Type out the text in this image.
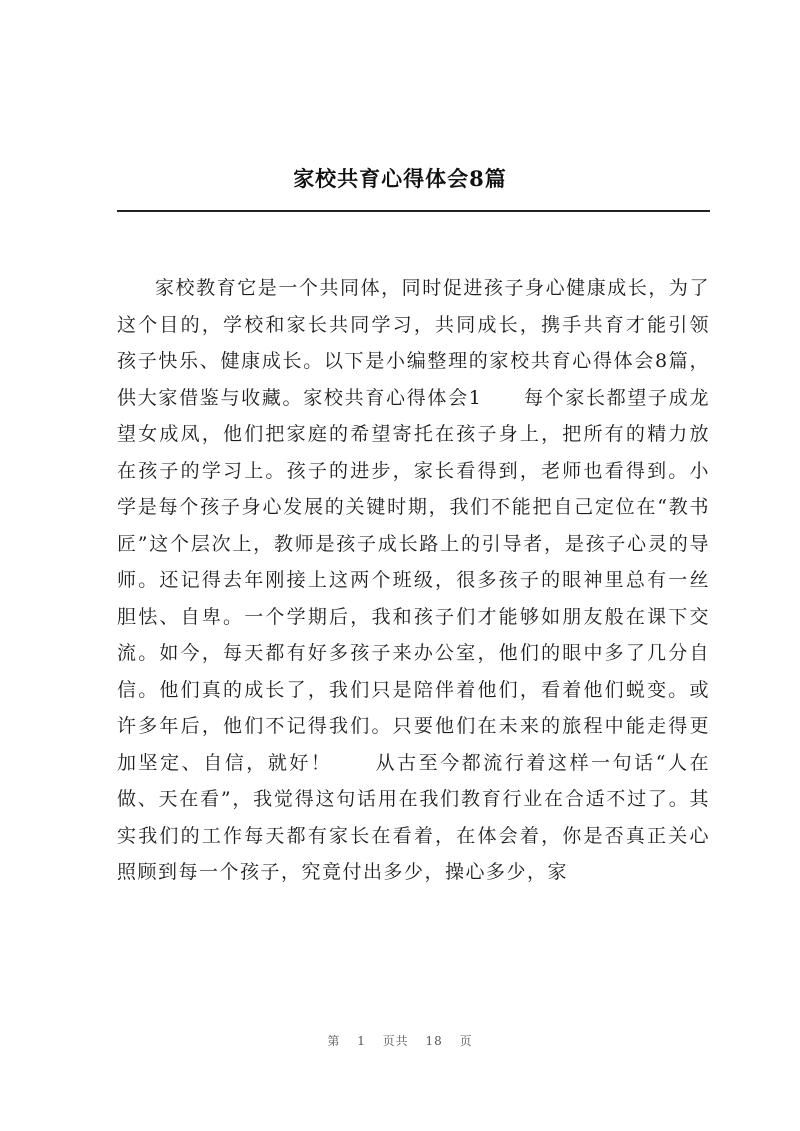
家校共育心得体会8篇

家校教育它是一个共同体，同时促进孩子身心健康成长，为了这个目的，学校和家长共同学习，共同成长，携手共育才能引领孩子快乐、健康成长。以下是小编整理的家校共育心得体会8篇，供大家借鉴与收藏。家校共育心得体会1　　每个家长都望子成龙望女成凤，他们把家庭的希望寄托在孩子身上，把所有的精力放在孩子的学习上。孩子的进步，家长看得到，老师也看得到。小学是每个孩子身心发展的关键时期，我们不能把自己定位在“教书匠”这个层次上，教师是孩子成长路上的引导者，是孩子心灵的导师。还记得去年刚接上这两个班级，很多孩子的眼神里总有一丝胆怯、自卑。一个学期后，我和孩子们才能够如朋友般在课下交流。如今，每天都有好多孩子来办公室，他们的眼中多了几分自信。他们真的成长了，我们只是陪伴着他们，看着他们蜕变。或许多年后，他们不记得我们。只要他们在未来的旅程中能走得更加坚定、自信，就好！　　从古至今都流行着这样一句话“人在做、天在看”，我觉得这句话用在我们教育行业在合适不过了。其实我们的工作每天都有家长在看着，在体会着，你是否真正关心照顾到每一个孩子，究竟付出多少，操心多少，家

第 1 页共 18 页
